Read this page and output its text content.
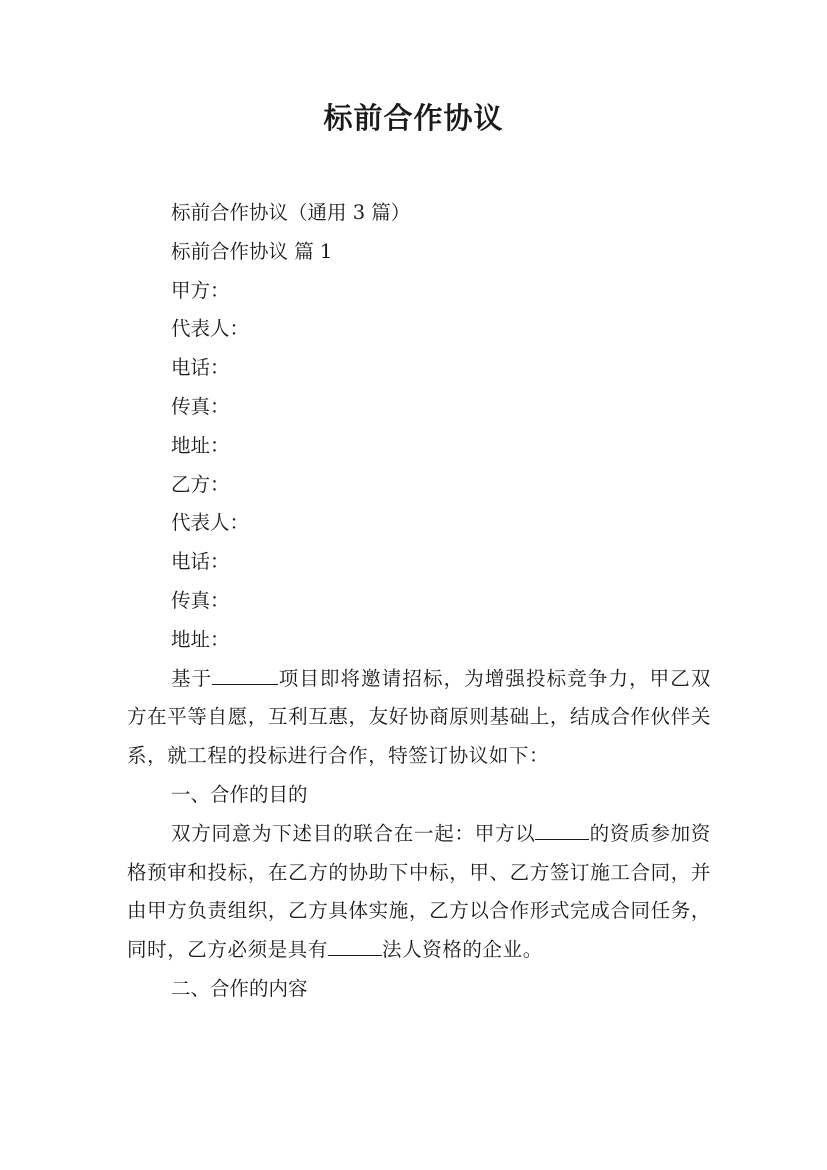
标前合作协议
标前合作协议（通用 3 篇）
标前合作协议 篇 1
甲方：
代表人：
电话：
传真：
地址：
乙方：
代表人：
电话：
传真：
地址：
基于	项目即将邀请招标，为增强投标竞争力，甲乙双方在平等自愿，互利互惠，友好协商原则基础上，结成合作伙伴关系，就工程的投标进行合作，特签订协议如下：
一、合作的目的
双方同意为下述目的联合在一起：甲方以	的资质参加资格预审和投标，在乙方的协助下中标，甲、乙方签订施工合同，并由甲方负责组织，乙方具体实施，乙方以合作形式完成合同任务，同时，乙方必须是具有	法人资格的企业。
二、合作的内容
